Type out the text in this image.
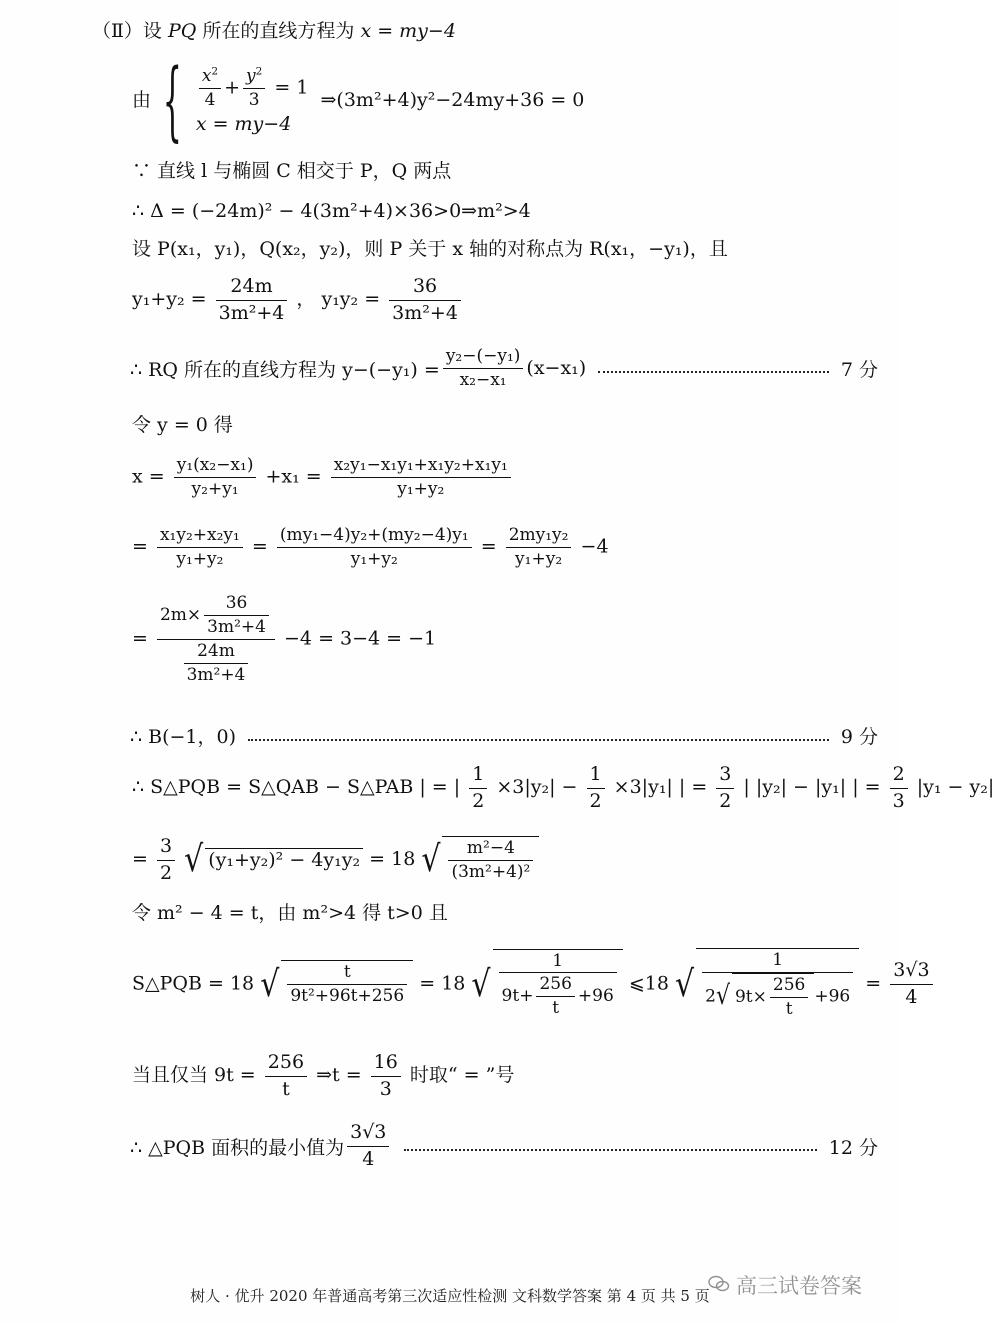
（Ⅱ）设 PQ 所在的直线方程为 x = my−4
由 { $\frac{x^2}{4} + \frac{y^2}{3} = 1$
x = my−4
⇒(3m²+4)y²−24my+36 = 0
∵ 直线 l 与椭圆 C 相交于 P，Q 两点
∴ Δ = (−24m)² − 4(3m²+4)×36>0⇒m²>4
设 P(x₁，y₁)，Q(x₂，y₂)，则 P 关于 x 轴的对称点为 R(x₁，−y₁)，且
$y_1+y_2 = \frac{24m}{\text{3m²+4}}$ ， $y_1y_2 = \frac{36}{\text{3m²+4}}$
∴ RQ 所在的直线方程为 $y-(-y_1) = \frac{\text{y₂−(−y₁)}}{\text{x₂−x₁}} (x-x_1)$	7 分
令 y = 0 得
$x = \frac{\text{y₁(x₂−x₁)}}{\text{y₂+y₁}} +x_1 = \frac{\text{x₂y₁−x₁y₁+x₁y₂+x₁y₁}}{\text{y₁+y₂}}$
= $\frac{\text{x₁y₂+x₂y₁}}{\text{y₁+y₂}} = \frac{\text{(my₁−4)y₂+(my₂−4)y₁}}{\text{y₁+y₂}} = \frac{\text{2my₁y₂}}{\text{y₁+y₂}} -4$
= $\frac{2m\times \frac{36}{\text{3m²+4}}}{\frac{24m}{\text{3m²+4}}} -4 = 3-4 = -1$
∴ B(−1，0)	9 分
∴ S△PQB = S△QAB − S△PAB | = | $\frac{1}{2} \times 3|y_2| - \frac{1}{2} \times 3|y_1|$ | = $\frac{3}{2}$ | |y₂| − |y₁| | = $\frac{2}{3} |y_1 - y_2|$
= $\frac{3}{2}$ √ (y₁+y₂)² − 4y₁y₂ = 18 √ $\frac{\text{m²−4}}{\text{(3m²+4)²}}$
令 m² − 4 = t，由 m²>4 得 t>0 且
S△PQB = 18 √ $\frac{t}{\text{9t²+96t+256}} = 18$ √ $\frac{1}{9t+ \frac{256}{t} +96}$ ⩽18 √ $\frac{1}{2√ 9t\times \frac{256}{t} +96} = \frac{3√3}{4}$
当且仅当 $9t = \frac{256}{t}$ ⇒t = $\frac{16}{3}$ 时取“ = ”号
∴ △PQB 面积的最小值为 $\frac{3√3}{4}$	12 分
树人 · 优升 2020 年普通高考第三次适应性检测 文科数学答案 第 4 页 共 5 页	高三试卷答案
